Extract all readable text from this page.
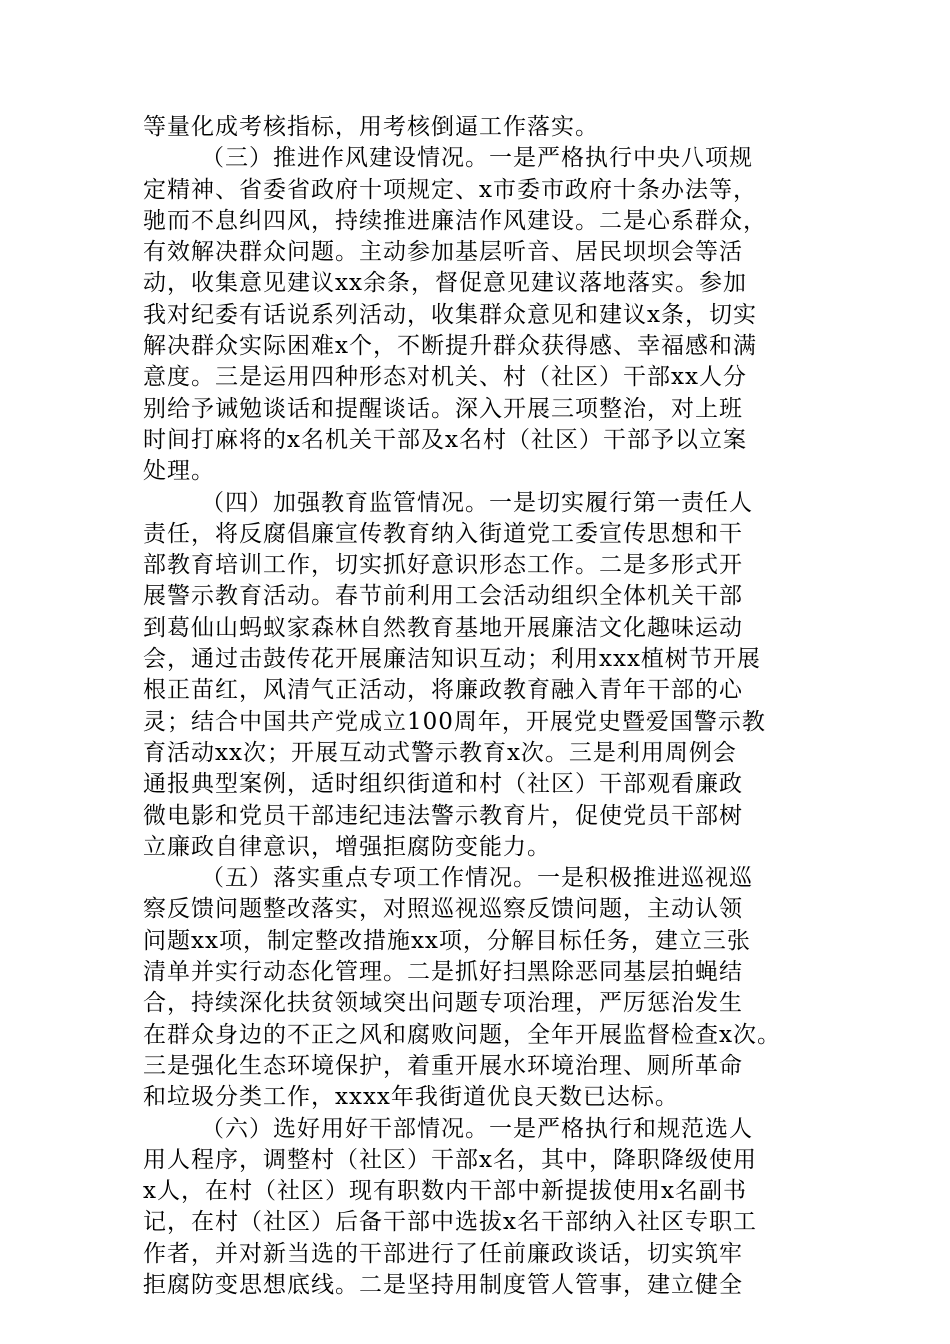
等量化成考核指标，用考核倒逼工作落实。
（三）推进作风建设情况。一是严格执行中央八项规
定精神、省委省政府十项规定、x市委市政府十条办法等，
驰而不息纠四风，持续推进廉洁作风建设。二是心系群众，
有效解决群众问题。主动参加基层听音、居民坝坝会等活
动，收集意见建议xx余条，督促意见建议落地落实。参加
我对纪委有话说系列活动，收集群众意见和建议x条，切实
解决群众实际困难x个，不断提升群众获得感、幸福感和满
意度。三是运用四种形态对机关、村（社区）干部xx人分
别给予诫勉谈话和提醒谈话。深入开展三项整治，对上班
时间打麻将的x名机关干部及x名村（社区）干部予以立案
处理。
（四）加强教育监管情况。一是切实履行第一责任人
责任，将反腐倡廉宣传教育纳入街道党工委宣传思想和干
部教育培训工作，切实抓好意识形态工作。二是多形式开
展警示教育活动。春节前利用工会活动组织全体机关干部
到葛仙山蚂蚁家森林自然教育基地开展廉洁文化趣味运动
会，通过击鼓传花开展廉洁知识互动；利用xxx植树节开展
根正苗红，风清气正活动，将廉政教育融入青年干部的心
灵；结合中国共产党成立100周年，开展党史暨爱国警示教
育活动xx次；开展互动式警示教育x次。三是利用周例会
通报典型案例，适时组织街道和村（社区）干部观看廉政
微电影和党员干部违纪违法警示教育片，促使党员干部树
立廉政自律意识，增强拒腐防变能力。
（五）落实重点专项工作情况。一是积极推进巡视巡
察反馈问题整改落实，对照巡视巡察反馈问题，主动认领
问题xx项，制定整改措施xx项，分解目标任务，建立三张
清单并实行动态化管理。二是抓好扫黑除恶同基层拍蝇结
合，持续深化扶贫领域突出问题专项治理，严厉惩治发生
在群众身边的不正之风和腐败问题，全年开展监督检查x次。
三是强化生态环境保护，着重开展水环境治理、厕所革命
和垃圾分类工作，xxxx年我街道优良天数已达标。
（六）选好用好干部情况。一是严格执行和规范选人
用人程序，调整村（社区）干部x名，其中，降职降级使用
x人，在村（社区）现有职数内干部中新提拔使用x名副书
记，在村（社区）后备干部中选拔x名干部纳入社区专职工
作者，并对新当选的干部进行了任前廉政谈话，切实筑牢
拒腐防变思想底线。二是坚持用制度管人管事，建立健全
